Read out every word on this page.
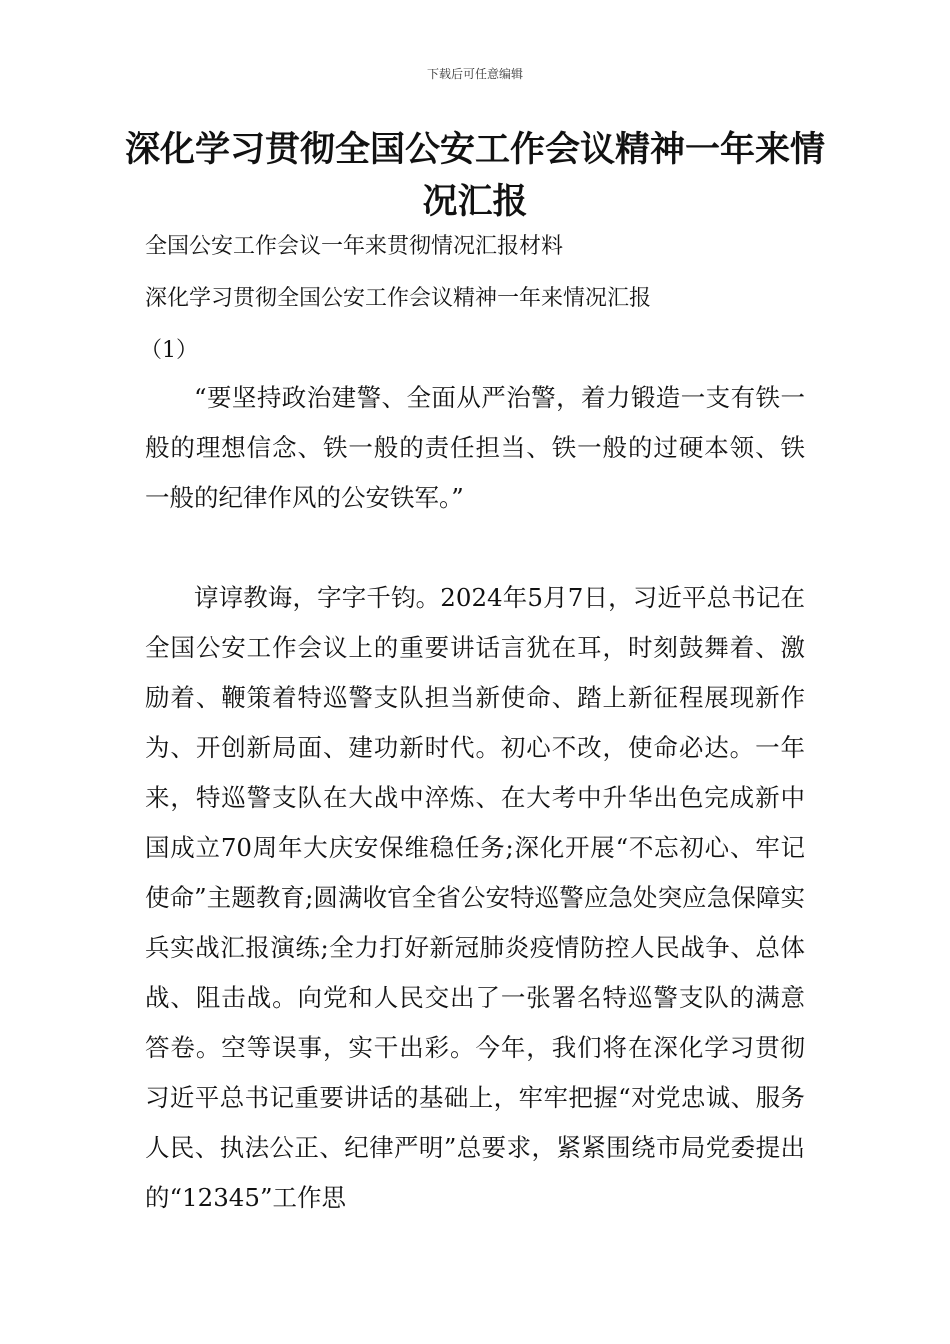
下载后可任意编辑
深化学习贯彻全国公安工作会议精神一年来情况汇报

全国公安工作会议一年来贯彻情况汇报材料

深化学习贯彻全国公安工作会议精神一年来情况汇报

（1）

“要坚持政治建警、全面从严治警，着力锻造一支有铁一般的理想信念、铁一般的责任担当、铁一般的过硬本领、铁一般的纪律作风的公安铁军。”

谆谆教诲，字字千钧。2024年5月7日，习近平总书记在全国公安工作会议上的重要讲话言犹在耳，时刻鼓舞着、激励着、鞭策着特巡警支队担当新使命、踏上新征程展现新作为、开创新局面、建功新时代。初心不改，使命必达。一年来，特巡警支队在大战中淬炼、在大考中升华出色完成新中国成立70周年大庆安保维稳任务;深化开展“不忘初心、牢记使命”主题教育;圆满收官全省公安特巡警应急处突应急保障实兵实战汇报演练;全力打好新冠肺炎疫情防控人民战争、总体战、阻击战。向党和人民交出了一张署名特巡警支队的满意答卷。空等误事，实干出彩。今年，我们将在深化学习贯彻习近平总书记重要讲话的基础上，牢牢把握“对党忠诚、服务人民、执法公正、纪律严明”总要求，紧紧围绕市局党委提出的“12345”工作思
